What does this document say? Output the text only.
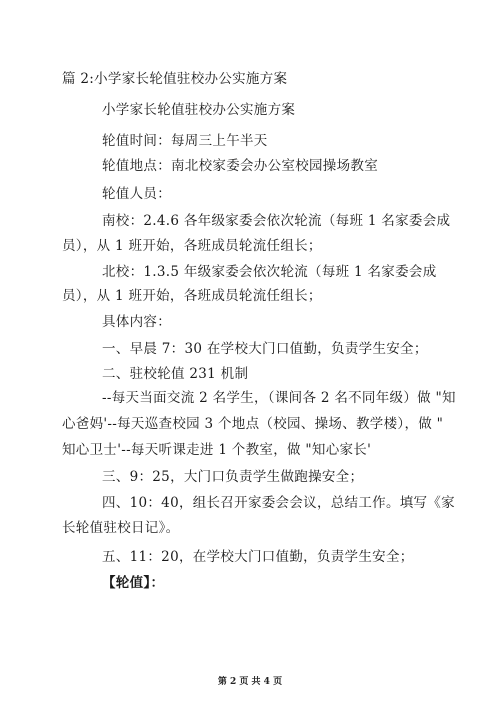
篇 2:小学家长轮值驻校办公实施方案
小学家长轮值驻校办公实施方案
轮值时间：每周三上午半天
轮值地点：南北校家委会办公室校园操场教室
轮值人员：
南校：2.4.6 各年级家委会依次轮流（每班 1 名家委会成
员），从 1 班开始，各班成员轮流任组长；
北校：1.3.5 年级家委会依次轮流（每班 1 名家委会成
员），从 1 班开始，各班成员轮流任组长；
具体内容：
一、早晨 7：30 在学校大门口值勤，负责学生安全；
二、驻校轮值 231 机制
--每天当面交流 2 名学生，（课间各 2 名不同年级）做 "知
心爸妈'--每天巡查校园 3 个地点（校园、操场、教学楼），做 "
知心卫士'--每天听课走进 1 个教室，做 "知心家长'
三、9：25，大门口负责学生做跑操安全；
四、10：40，组长召开家委会会议，总结工作。填写《家
长轮值驻校日记》。
五、11：20，在学校大门口值勤，负责学生安全；
【轮值】：
第 2 页 共 4 页
